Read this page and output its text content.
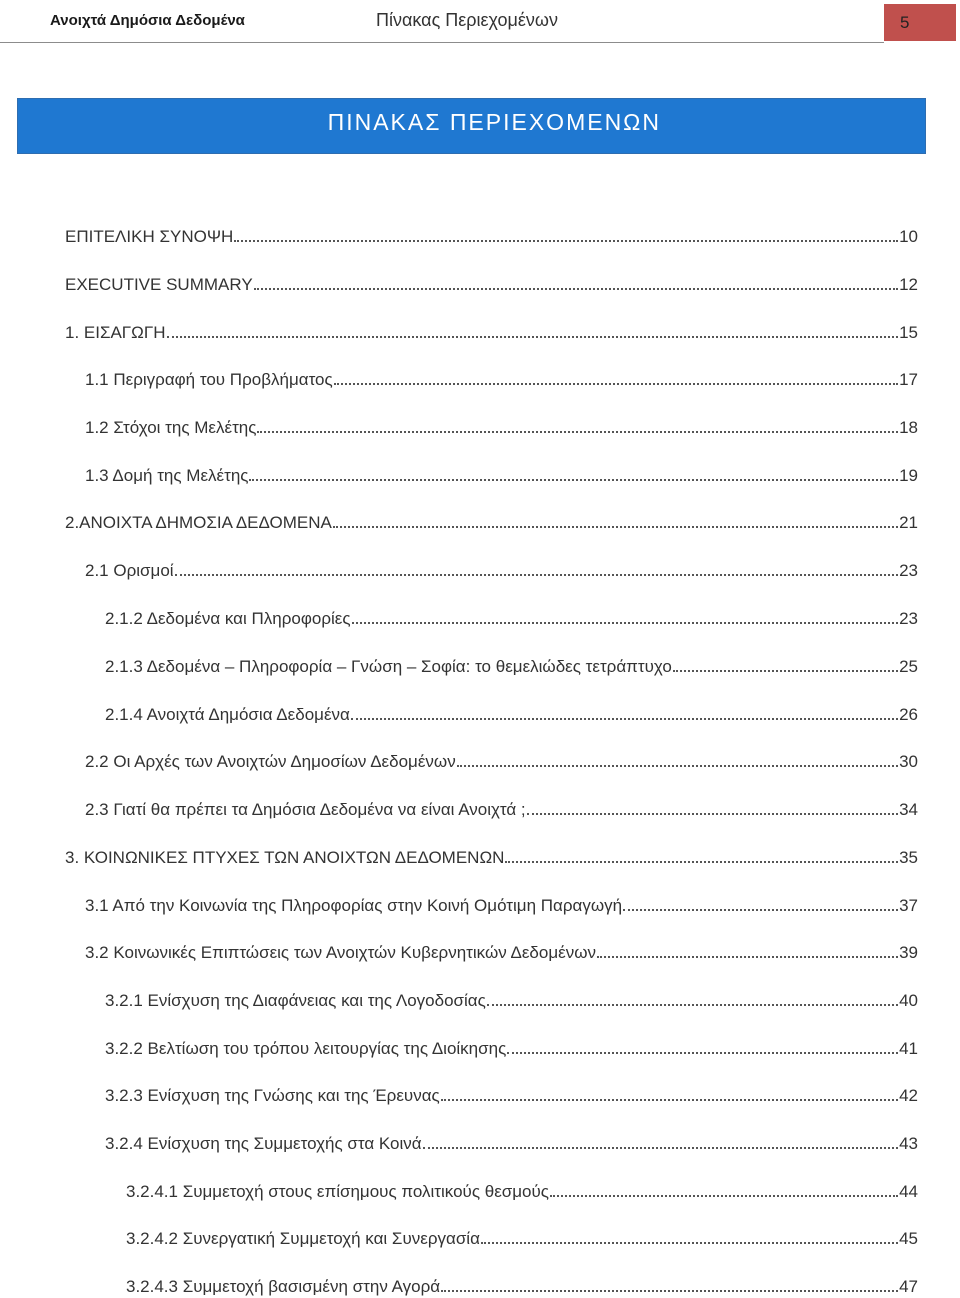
Ανοιχτά Δημόσια Δεδομένα	Πίνακας Περιεχομένων	5
ΠΙΝΑΚΑΣ ΠΕΡΙΕΧΟΜΕΝΩΝ
ΕΠΙΤΕΛΙΚΗ ΣΥΝΟΨΗ	10
EXECUTIVE SUMMARY	12
1. ΕΙΣΑΓΩΓΗ	15
1.1 Περιγραφή του Προβλήματος	17
1.2 Στόχοι της Μελέτης	18
1.3 Δομή της Μελέτης	19
2.ΑΝΟΙΧΤΑ ΔΗΜΟΣΙΑ ΔΕΔΟΜΕΝΑ	21
2.1 Ορισμοί	23
2.1.2 Δεδομένα και Πληροφορίες	23
2.1.3 Δεδομένα – Πληροφορία – Γνώση – Σοφία: το θεμελιώδες τετράπτυχο	25
2.1.4 Ανοιχτά Δημόσια Δεδομένα	26
2.2 Οι Αρχές των Ανοιχτών Δημοσίων Δεδομένων	30
2.3 Γιατί θα πρέπει τα Δημόσια Δεδομένα να είναι Ανοιχτά ;	34
3. ΚΟΙΝΩΝΙΚΕΣ ΠΤΥΧΕΣ ΤΩΝ ΑΝΟΙΧΤΩΝ ΔΕΔΟΜΕΝΩΝ	35
3.1 Από την Κοινωνία της Πληροφορίας στην Κοινή Ομότιμη Παραγωγή	37
3.2 Κοινωνικές Επιπτώσεις των Ανοιχτών Κυβερνητικών Δεδομένων	39
3.2.1 Ενίσχυση της Διαφάνειας και της Λογοδοσίας	40
3.2.2 Βελτίωση του τρόπου λειτουργίας της Διοίκησης	41
3.2.3 Ενίσχυση της Γνώσης και της Έρευνας	42
3.2.4 Ενίσχυση της Συμμετοχής στα Κοινά	43
3.2.4.1 Συμμετοχή στους επίσημους πολιτικούς θεσμούς	44
3.2.4.2 Συνεργατική Συμμετοχή και Συνεργασία	45
3.2.4.3 Συμμετοχή βασισμένη στην Αγορά	47
